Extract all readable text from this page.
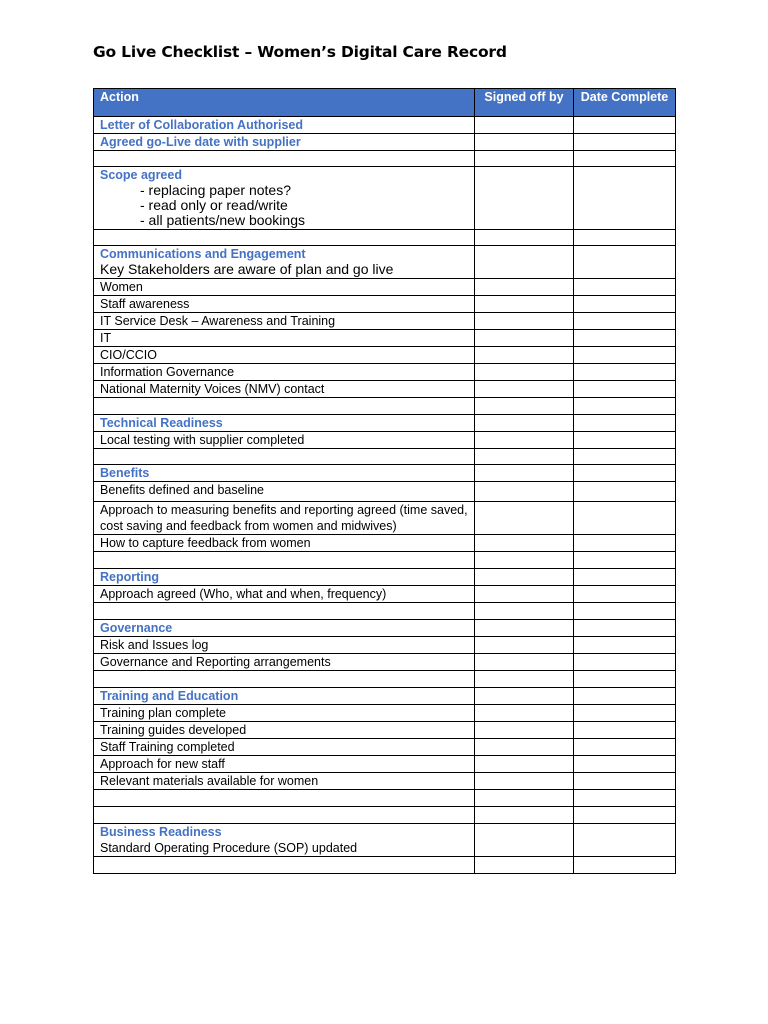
Go Live Checklist – Women’s Digital Care Record
Action	Signed off by	Date Complete

Letter of Collaboration Authorised		

Agreed go-Live date with supplier		

Scope agreed
- replacing paper notes?
- read only or read/write
- all patients/new bookings		

Communications and Engagement
Key Stakeholders are aware of plan and go live		

Women		

Staff awareness		

IT Service Desk – Awareness and Training		

IT		

CIO/CCIO		

Information Governance		

National Maternity Voices (NMV) contact		

Technical Readiness		

Local testing with supplier completed		

Benefits		

Benefits defined and baseline		

Approach to measuring benefits and reporting agreed (time saved, cost saving and feedback from women and midwives)		

How to capture feedback from women		

Reporting		

Approach agreed (Who, what and when, frequency)		

Governance		

Risk and Issues log		

Governance and Reporting arrangements		

Training and Education		

Training plan complete		

Training guides developed		

Staff Training completed		

Approach for new staff		

Relevant materials available for women		

Business Readiness
Standard Operating Procedure (SOP) updated		
